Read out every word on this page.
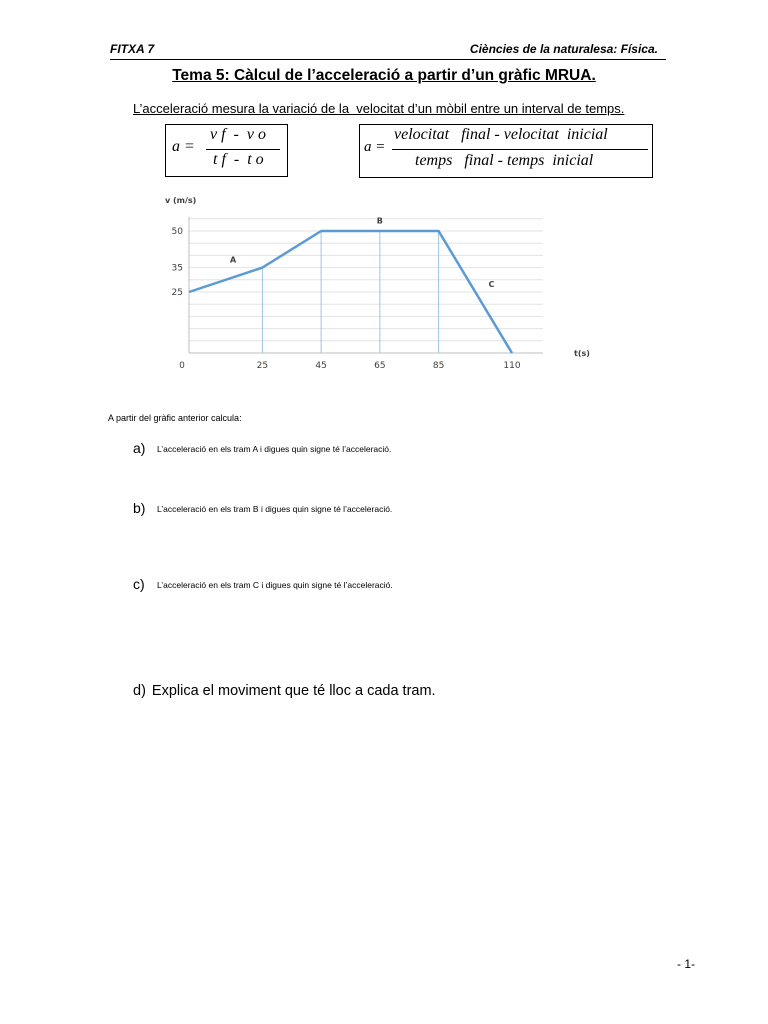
FITXA 7	Ciències de la naturalesa: Física.
Tema 5: Càlcul de l’acceleració a partir d’un gràfic MRUA.
L’acceleració mesura la variació de la  velocitat d’un mòbil entre un interval de temps.
a =
v f  -  v o
t f  -  t o
a =
velocitat   final - velocitat  inicial
temps   final - temps  inicial
25
35
50
0	25	45	65	85	110
v (m/s)
t(s)
A
B
C
A partir del gràfic anterior calcula:
a) L’acceleració en els tram A i digues quin signe té l’acceleració.
b) L’acceleració en els tram B i digues quin signe té l’acceleració.
c) L’acceleració en els tram C i digues quin signe té l’acceleració.
d) Explica el moviment que té lloc a cada tram.
- 1-
